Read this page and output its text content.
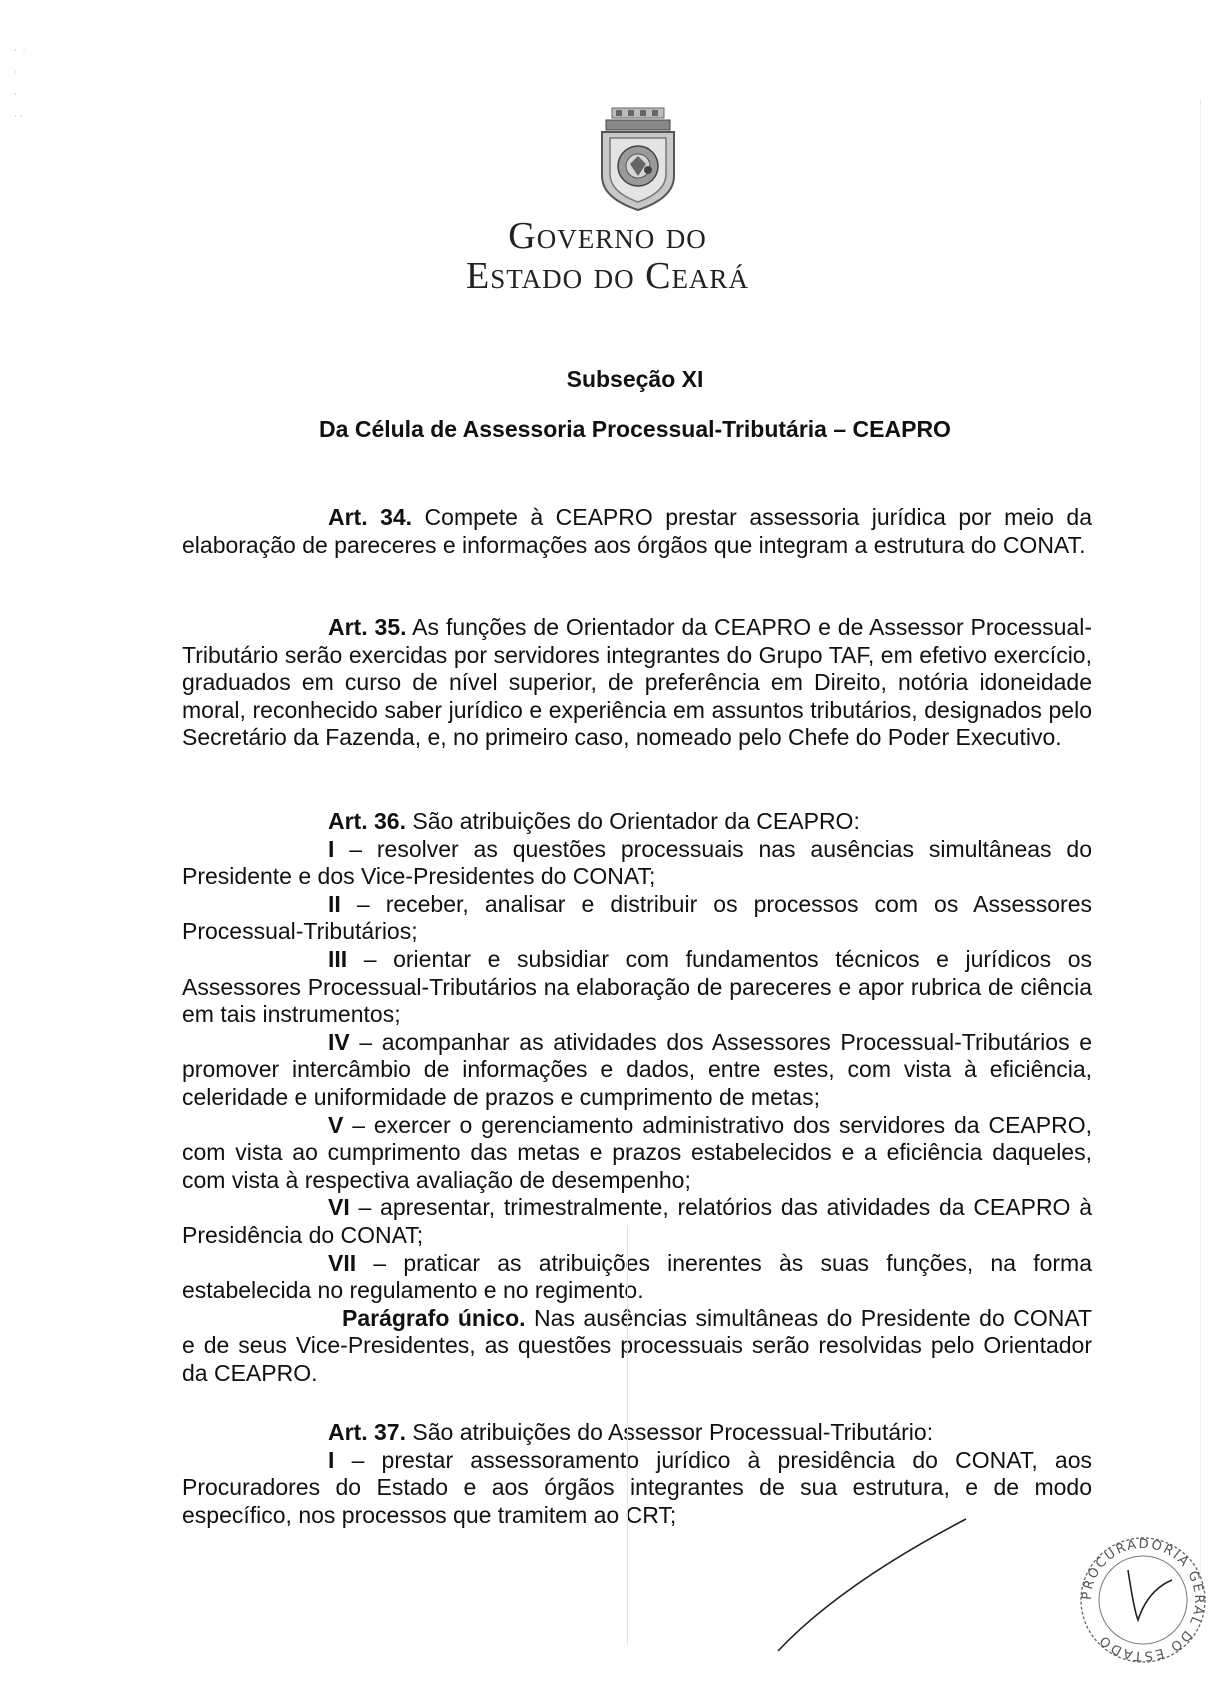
·  ·
·
·
· ·
Governo do
Estado do Ceará
Subseção XI
Da Célula de Assessoria Processual-Tributária – CEAPRO

Art. 34. Compete à CEAPRO prestar assessoria jurídica por meio da elaboração de pareceres e informações aos órgãos que integram a estrutura do CONAT.

Art. 35. As funções de Orientador da CEAPRO e de Assessor Processual-Tributário serão exercidas por servidores integrantes do Grupo TAF, em efetivo exercício, graduados em curso de nível superior, de preferência em Direito, notória idoneidade moral, reconhecido saber jurídico e experiência em assuntos tributários, designados pelo Secretário da Fazenda, e, no primeiro caso, nomeado pelo Chefe do Poder Executivo.

Art. 36. São atribuições do Orientador da CEAPRO:

I – resolver as questões processuais nas ausências simultâneas do Presidente e dos Vice-Presidentes do CONAT;

II – receber, analisar e distribuir os processos com os Assessores Processual-Tributários;

III – orientar e subsidiar com fundamentos técnicos e jurídicos os Assessores Processual-Tributários na elaboração de pareceres e apor rubrica de ciência em tais instrumentos;

IV – acompanhar as atividades dos Assessores Processual-Tributários e promover intercâmbio de informações e dados, entre estes, com vista à eficiência, celeridade e uniformidade de prazos e cumprimento de metas;

V – exercer o gerenciamento administrativo dos servidores da CEAPRO, com vista ao cumprimento das metas e prazos estabelecidos e a eficiência daqueles, com vista à respectiva avaliação de desempenho;

VI – apresentar, trimestralmente, relatórios das atividades da CEAPRO à Presidência do CONAT;

VII – praticar as atribuições inerentes às suas funções, na forma estabelecida no regulamento e no regimento.

Parágrafo único. Nas ausências simultâneas do Presidente do CONAT e de seus Vice-Presidentes, as questões processuais serão resolvidas pelo Orientador da CEAPRO.

Art. 37. São atribuições do Assessor Processual-Tributário:

I – prestar assessoramento jurídico à presidência do CONAT, aos Procuradores do Estado e aos órgãos integrantes de sua estrutura, e de modo específico, nos processos que tramitem ao CRT;

PROCURADORIA GERAL DO ESTADO
